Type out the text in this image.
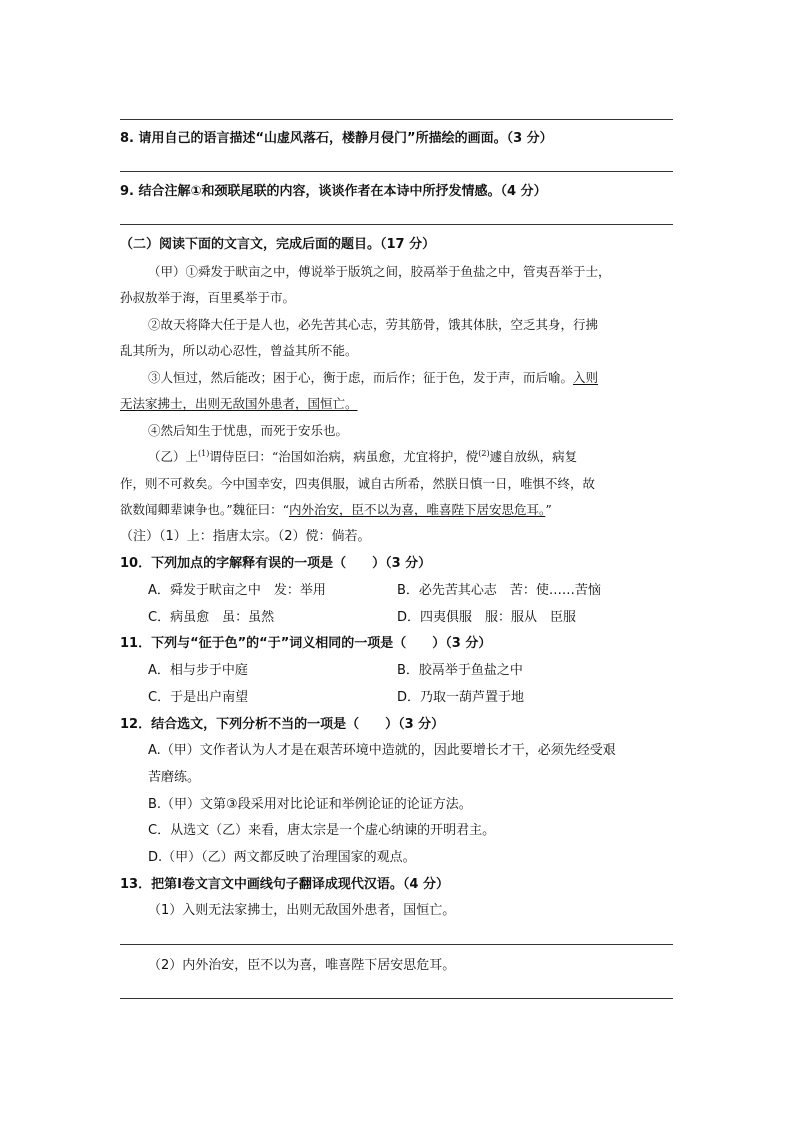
8. 请用自己的语言描述“山虚风落石，楼静月侵门”所描绘的画面。（3 分）
9. 结合注解①和颈联尾联的内容，谈谈作者在本诗中所抒发情感。（4 分）
（二）阅读下面的文言文，完成后面的题目。（17 分）
（甲）①舜发于畎亩之中，傅说举于版筑之间，胶鬲举于鱼盐之中，管夷吾举于士，
孙叔敖举于海，百里奚举于市。
②故天将降大任于是人也，必先苦其心志，劳其筋骨，饿其体肤，空乏其身，行拂
乱其所为，所以动心忍性，曾益其所不能。
③人恒过，然后能改；困于心，衡于虑，而后作；征于色，发于声，而后喻。入则
无法家拂士，出则无敌国外患者，国恒亡。
④然后知生于忧患，而死于安乐也。
（乙）上$^{(1)}$谓侍臣曰：“治国如治病，病虽愈，尤宜将护，傥$^{(2)}$遽自放纵，病复
作，则不可救矣。今中国幸安，四夷俱服，诚自古所希，然朕日慎一日，唯惧不终，故
欲数闻卿辈谏争也。”魏征曰：“内外治安，臣不以为喜，唯喜陛下居安思危耳。”
（注）（1）上：指唐太宗。（2）傥：倘若。
10．下列加点的字解释有误的一项是（　　）（3 分）
A．舜发于畎亩之中　发：举用	B．必先苦其心志　苦：使……苦恼
C．病虽愈　虽：虽然	D．四夷俱服　服：服从　臣服
11．下列与“征于色”的“于”词义相同的一项是（　　）（3 分）
A．相与步于中庭	B．胶鬲举于鱼盐之中
C．于是出户南望	D．乃取一葫芦置于地
12．结合选文，下列分析不当的一项是（　　）（3 分）
A.（甲）文作者认为人才是在艰苦环境中造就的，因此要增长才干，必须先经受艰
苦磨练。
B.（甲）文第③段采用对比论证和举例论证的论证方法。
C．从选文（乙）来看，唐太宗是一个虚心纳谏的开明君主。
D.（甲）（乙）两文都反映了治理国家的观点。
13．把第Ⅰ卷文言文中画线句子翻译成现代汉语。（4 分）
（1）入则无法家拂士，出则无敌国外患者，国恒亡。
（2）内外治安，臣不以为喜，唯喜陛下居安思危耳。
